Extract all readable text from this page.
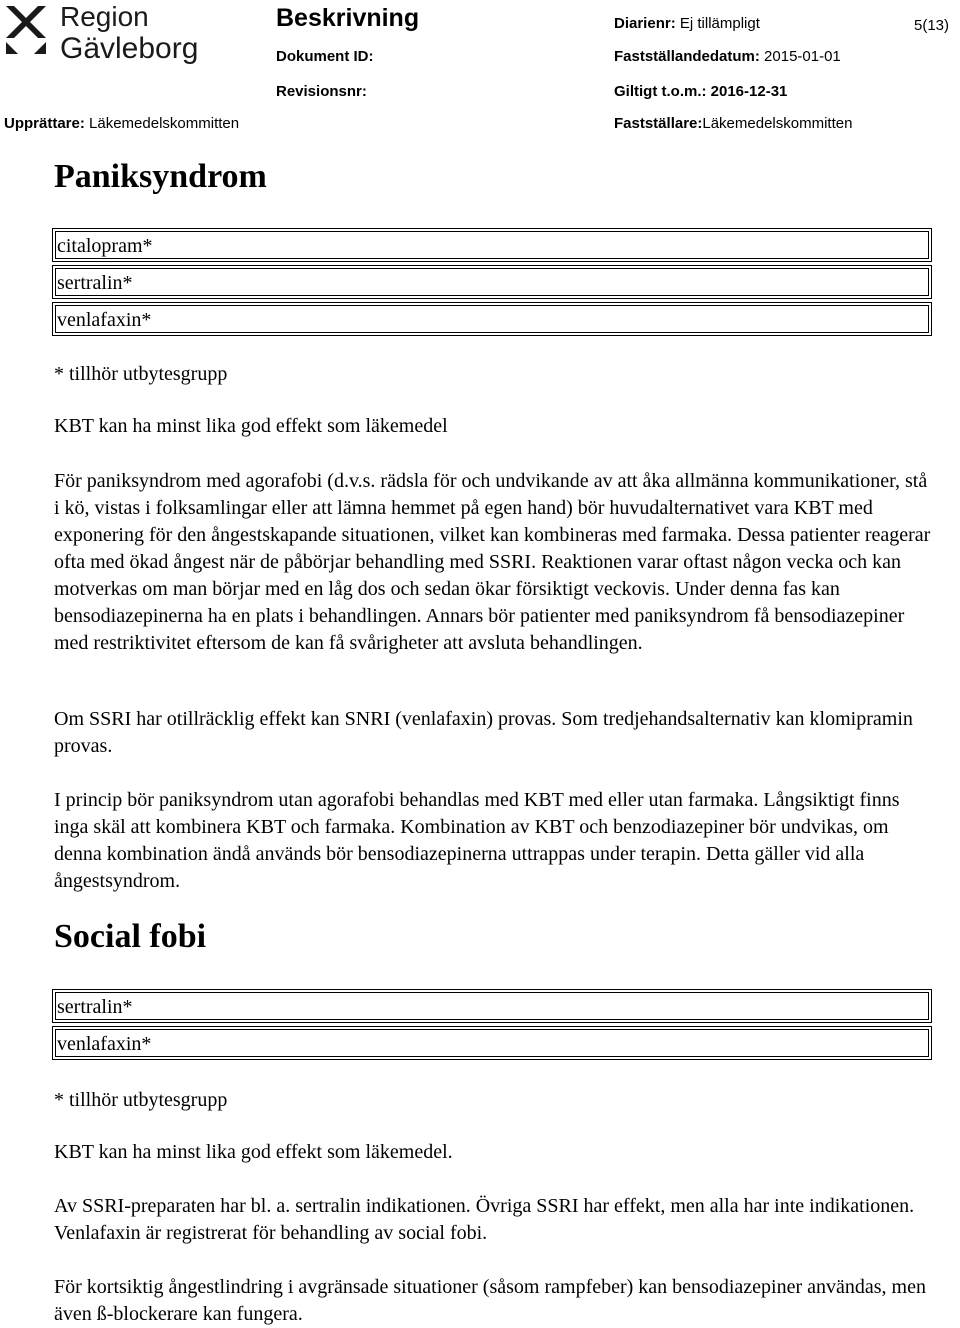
Region
Gävleborg
Beskrivning	Diarienr: Ej tillämpligt	5(13)
Dokument ID:	Fastställandedatum: 2015-01-01
Revisionsnr:	Giltigt t.o.m.: 2016-12-31
Upprättare: Läkemedelskommitten	Fastställare:Läkemedelskommitten
Paniksyndrom
citalopram*
sertralin*
venlafaxin*

* tillhör utbytesgrupp

KBT kan ha minst lika god effekt som läkemedel

För paniksyndrom med agorafobi (d.v.s. rädsla för och undvikande av att åka allmänna kommunikationer, stå i kö, vistas i folksamlingar eller att lämna hemmet på egen hand) bör huvudalternativet vara KBT med exponering för den ångestskapande situationen, vilket kan kombineras med farmaka. Dessa patienter reagerar ofta med ökad ångest när de påbörjar behandling med SSRI. Reaktionen varar oftast någon vecka och kan motverkas om man börjar med en låg dos och sedan ökar försiktigt veckovis. Under denna fas kan bensodiazepinerna ha en plats i behandlingen. Annars bör patienter med paniksyndrom få bensodiazepiner med restriktivitet eftersom de kan få svårigheter att avsluta behandlingen.

Om SSRI har otillräcklig effekt kan SNRI (venlafaxin) provas. Som tredjehandsalternativ kan klomipramin provas.

I princip bör paniksyndrom utan agorafobi behandlas med KBT med eller utan farmaka. Långsiktigt finns inga skäl att kombinera KBT och farmaka. Kombination av KBT och benzodiazepiner bör undvikas, om denna kombination ändå används bör bensodiazepinerna uttrappas under terapin. Detta gäller vid alla ångestsyndrom.

Social fobi
sertralin*
venlafaxin*

* tillhör utbytesgrupp

KBT kan ha minst lika god effekt som läkemedel.

Av SSRI-preparaten har bl. a. sertralin indikationen. Övriga SSRI har effekt, men alla har inte indikationen. Venlafaxin är registrerat för behandling av social fobi.

För kortsiktig ångestlindring i avgränsade situationer (såsom rampfeber) kan bensodiazepiner användas, men även ß-blockerare kan fungera.
